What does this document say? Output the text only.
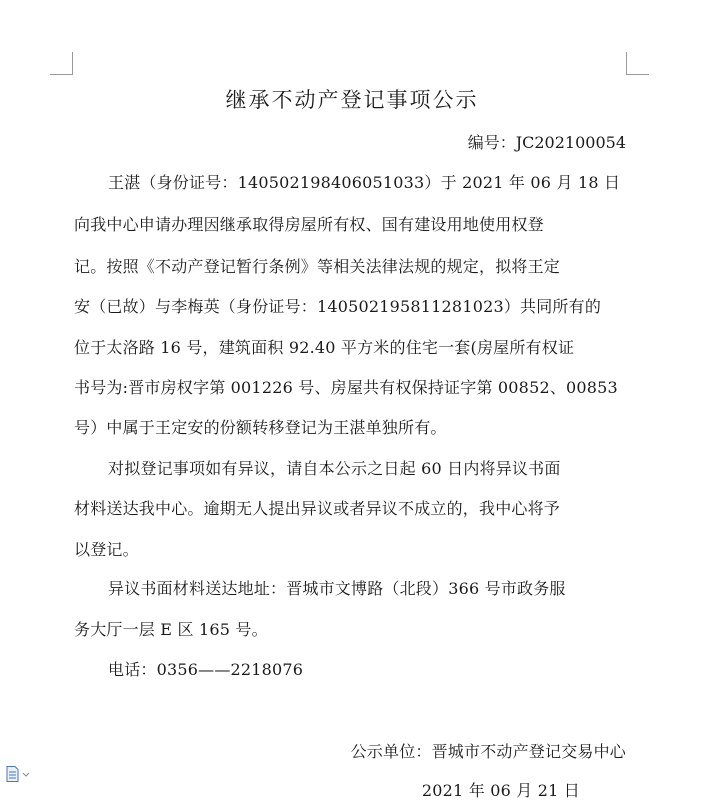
继承不动产登记事项公示
编号：JC202100054
王湛（身份证号：140502198406051033）于 2021 年 06 月 18 日
向我中心申请办理因继承取得房屋所有权、国有建设用地使用权登
记。按照《不动产登记暂行条例》等相关法律法规的规定，拟将王定
安（已故）与李梅英（身份证号：140502195811281023）共同所有的
位于太洛路 16 号，建筑面积 92.40 平方米的住宅一套(房屋所有权证
书号为:晋市房权字第 001226 号、房屋共有权保持证字第 00852、00853
号）中属于王定安的份额转移登记为王湛单独所有。
对拟登记事项如有异议，请自本公示之日起 60 日内将异议书面
材料送达我中心。逾期无人提出异议或者异议不成立的，我中心将予
以登记。
异议书面材料送达地址：晋城市文博路（北段）366 号市政务服
务大厅一层 E 区 165 号。
电话：0356——2218076
公示单位：晋城市不动产登记交易中心
2021 年 06 月 21 日
